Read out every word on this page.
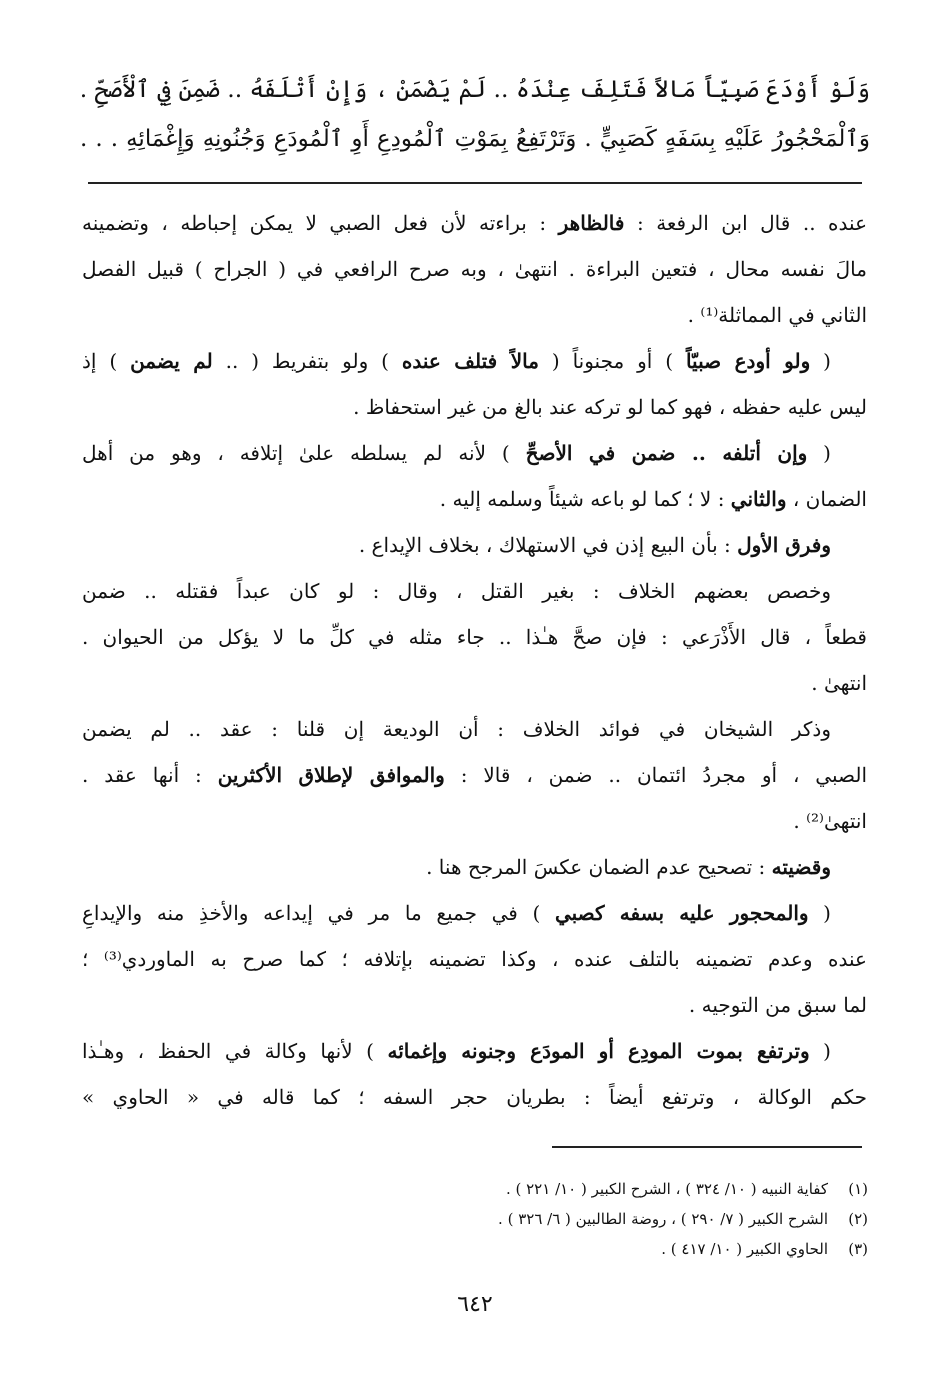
وَلَوْ أَوْدَعَ صَبِيّاً مَالاً فَتَلِفَ عِنْدَهُ .. لَمْ يَضْمَنْ ، وَإِنْ أَتْلَفَهُ .. ضَمِنَ فِي ٱلْأَصَحِّ .
وَٱلْمَحْجُورُ عَلَيْهِ بِسَفَهٍ كَصَبِيٍّ . وَتَرْتَفِعُ بِمَوْتِ ٱلْمُودِعِ أَوِ ٱلْمُودَعِ وَجُنُونِهِ وَإِغْمَائِهِ . . .
عنده .. قال ابن الرفعة : فالظاهر : براءته لأن فعل الصبي لا يمكن إحباطه ، وتضمينه
مالَ نفسه محال ، فتعين البراءة . انتهىٰ ، وبه صرح الرافعي في ( الجراح ) قبيل الفصل
الثاني في المماثلة⁽¹⁾ .
( ولو أودع صبيّاً ) أو مجنوناً ( مالاً فتلف عنده ) ولو بتفريط ( .. لم يضمن ) إذ
ليس عليه حفظه ، فهو كما لو تركه عند بالغ من غير استحفاظ .
( وإن أتلفه .. ضمن في الأصحِّ ) لأنه لم يسلطه علىٰ إتلافه ، وهو من أهل
الضمان ، والثاني : لا ؛ كما لو باعه شيئاً وسلمه إليه .
وفرق الأول : بأن البيع إذن في الاستهلاك ، بخلاف الإيداع .
وخصص بعضهم الخلاف : بغير القتل ، وقال : لو كان عبداً فقتله .. ضمن
قطعاً ، قال الأَذْرَعي : فإن صحَّ هـٰذا .. جاء مثله في كلِّ ما لا يؤكل من الحيوان .
انتهىٰ .
وذكر الشيخان في فوائد الخلاف : أن الوديعة إن قلنا : عقد .. لم يضمن
الصبي ، أو مجردُ ائتمان .. ضمن ، قالا : والموافق لإطلاق الأكثرين : أنها عقد .
انتهىٰ⁽²⁾ .
وقضيته : تصحيح عدم الضمان عكسَ المرجح هنا .
( والمحجور عليه بسفه كصبي ) في جميع ما مر في إيداعه والأخذِ منه والإيداعِ
عنده وعدم تضمينه بالتلف عنده ، وكذا تضمينه بإتلافه ؛ كما صرح به الماوردي⁽³⁾ ؛
لما سبق من التوجيه .
( وترتفع بموت المودِع أو المودَع وجنونه وإغمائه ) لأنها وكالة في الحفظ ، وهـٰذا
حكم الوكالة ، وترتفع أيضاً : بطريان حجر السفه ؛ كما قاله في « الحاوي »
(١)كفاية النبيه ( ١٠/ ٣٢٤ ) ، الشرح الكبير ( ١٠/ ٢٢١ ) .
(٢)الشرح الكبير ( ٧/ ٢٩٠ ) ، روضة الطالبين ( ٦/ ٣٢٦ ) .
(٣)الحاوي الكبير ( ١٠/ ٤١٧ ) .
٦٤٢
